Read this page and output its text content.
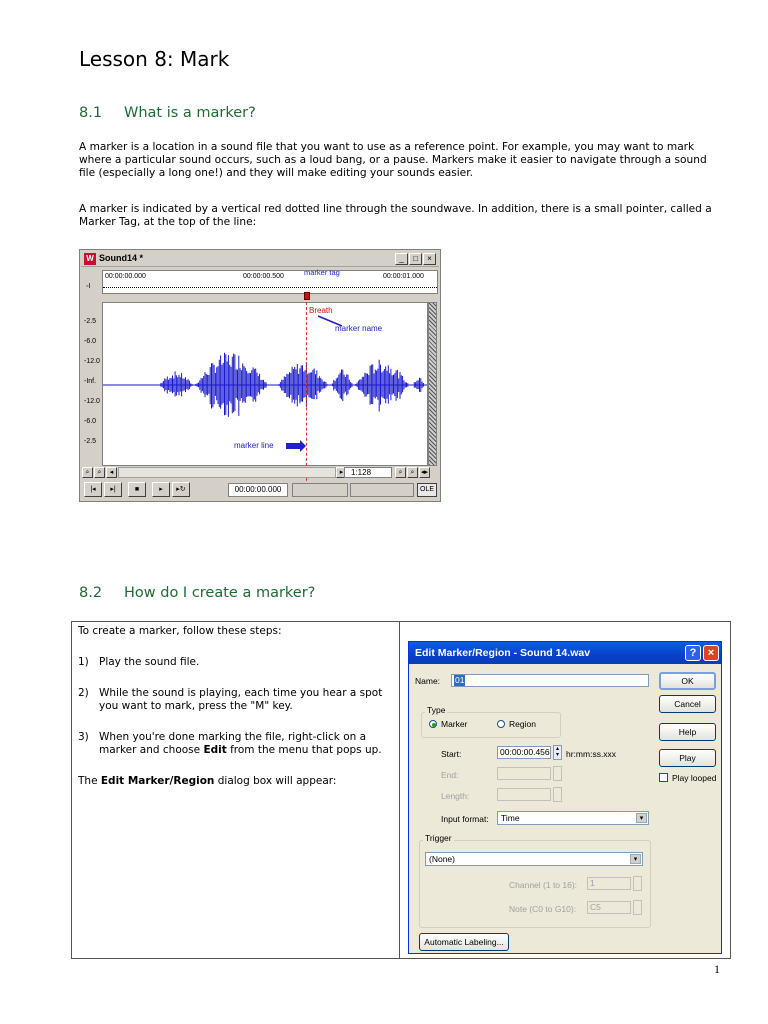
Lesson 8: Mark
8.1 What is a marker?

A marker is a location in a sound file that you want to use as a reference point. For example, you may want to mark where a particular sound occurs, such as a loud bang, or a pause. Markers make it easier to navigate through a sound file (especially a long one!) and they will make editing your sounds easier.

A marker is indicated by a vertical red dotted line through the soundwave. In addition, there is a small pointer, called a Marker Tag, at the top of the line:

W Sound14 *	_	□	×
◦Ι
00:00:00.000	00:00:00.500	00:00:01.000
marker tag
-2.5
-6.0
-12.0
-Inf.
-12.0
-6.0
-2.5
Breath
marker name
marker line
⌕	⌕	◂	▸ 1:128	⌕	⌕ ◂▸
|◂	▸|	■	▸	▸↻	00:00:00.000	OLE
8.2 How do I create a marker?

To create a marker, follow these steps:

1) Play the sound file.
2) While the sound is playing, each time you hear a spot you want to mark, press the "M" key.
3) When you're done marking the file, right-click on a marker and choose Edit from the menu that pops up.

The Edit Marker/Region dialog box will appear:

Edit Marker/Region - Sound 14.wav	?	×
Name:	01
Type
Marker	Region
Start:	00:00:00.456	▴
▾ hr:mm:ss.xxx
End:
Length:
Input format:	Time	▾
Trigger
(None)	▾
Channel (1 to 16):	1
Note (C0 to G10):	C5
Automatic Labeling...
OK
Cancel
Help
Play
Play looped
1
